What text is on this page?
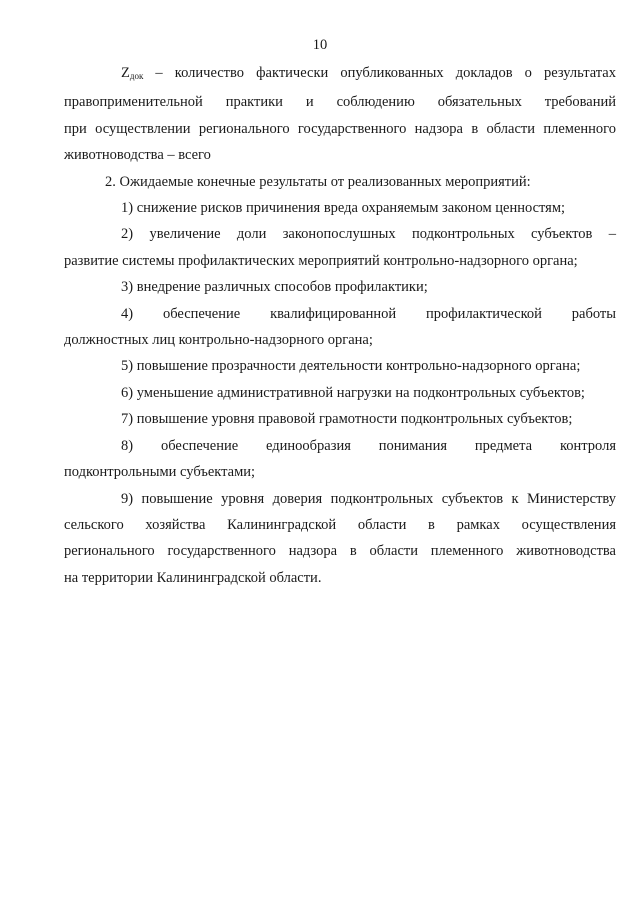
10
$Z_{док}$ – количество фактически опубликованных докладов о результатах
правоприменительной практики и соблюдению обязательных требований
при осуществлении регионального государственного надзора в области племенного
животноводства – всего
2. Ожидаемые конечные результаты от реализованных мероприятий:
1) снижение рисков причинения вреда охраняемым законом ценностям;
2) увеличение доли законопослушных подконтрольных субъектов –
развитие системы профилактических мероприятий контрольно-надзорного органа;
3) внедрение различных способов профилактики;
4) обеспечение квалифицированной профилактической работы
должностных лиц контрольно-надзорного органа;
5) повышение прозрачности деятельности контрольно-надзорного органа;
6) уменьшение административной нагрузки на подконтрольных субъектов;
7) повышение уровня правовой грамотности подконтрольных субъектов;
8) обеспечение единообразия понимания предмета контроля
подконтрольными субъектами;
9) повышение уровня доверия подконтрольных субъектов к Министерству
сельского хозяйства Калининградской области в рамках осуществления
регионального государственного надзора в области племенного животноводства
на территории Калининградской области.
